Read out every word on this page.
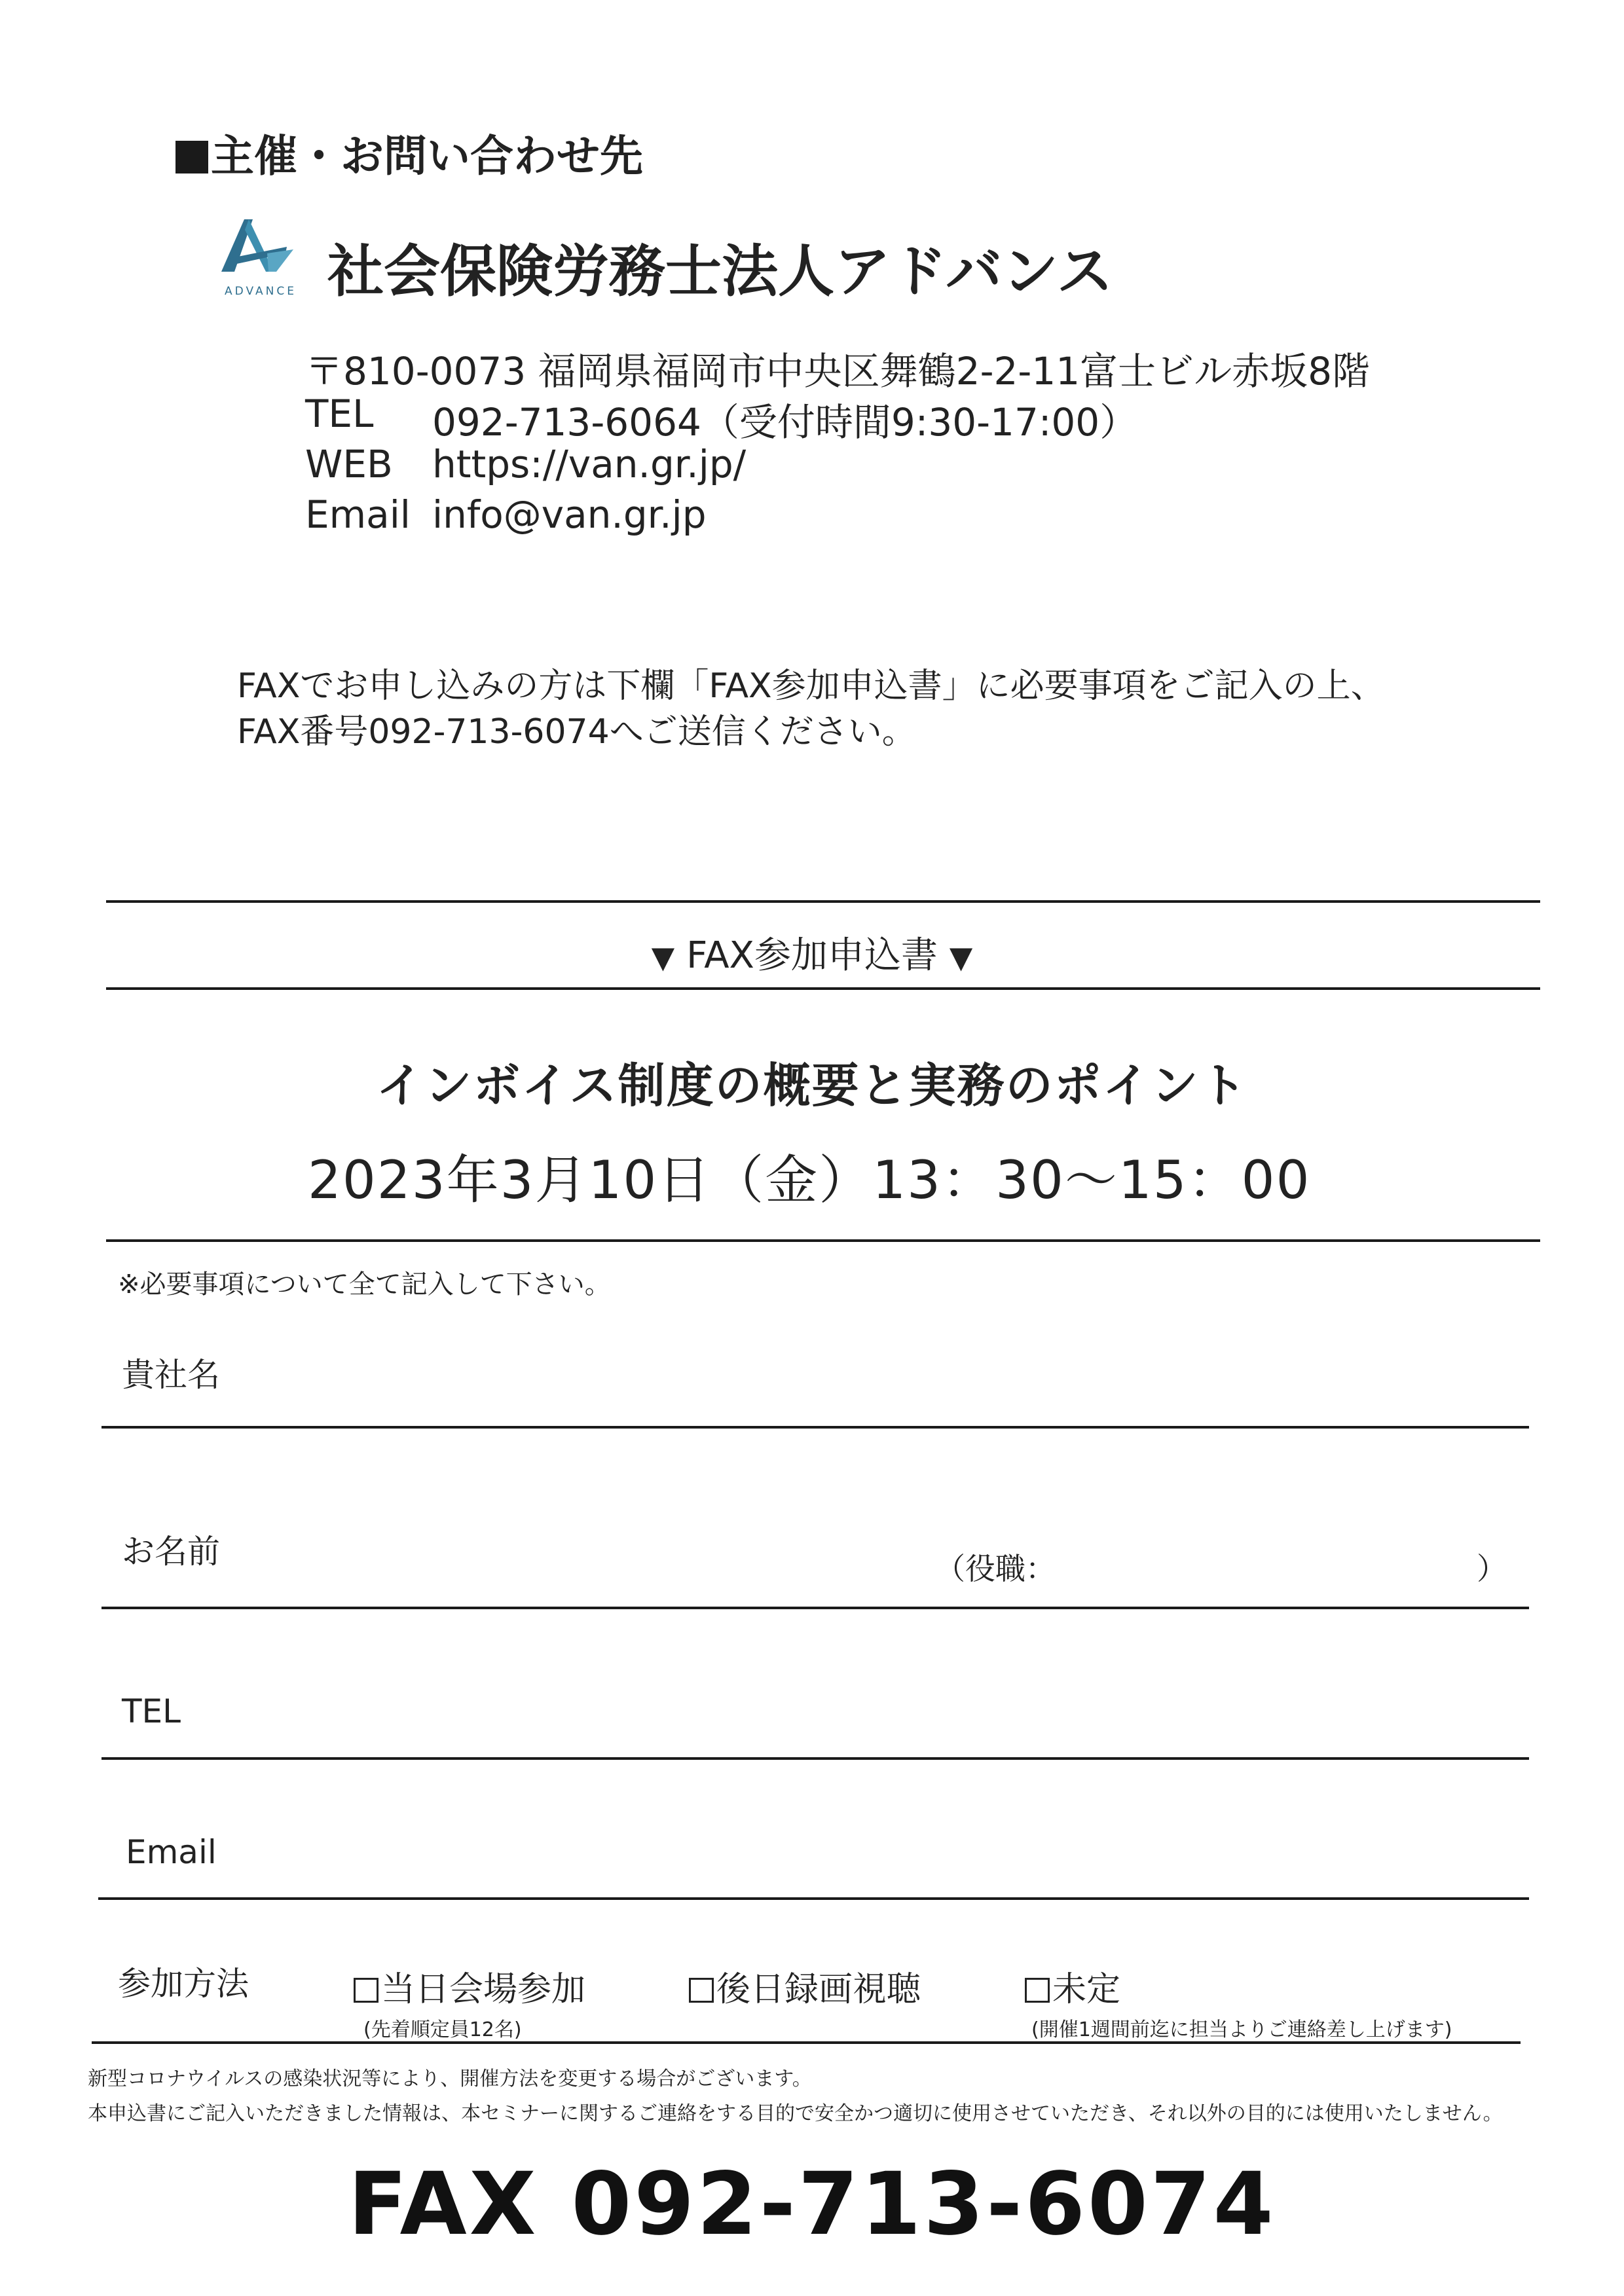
主催・お問い合わせ先
ADVANCE 社会保険労務士法人アドバンス
〒810-0073 福岡県福岡市中央区舞鶴2-2-11富士ビル赤坂8階
TEL 092-713-6064（受付時間9:30-17:00）
WEB https://van.gr.jp/
Email info@van.gr.jp
FAXでお申し込みの方は下欄「FAX参加申込書」に必要事項をご記入の上、
FAX番号092-713-6074へご送信ください。
▼ FAX参加申込書 ▼
インボイス制度の概要と実務のポイント
2023年3月10日（金）13：30〜15：00
※必要事項について全て記入して下さい。
貴社名
お名前	（役職：	）
TEL
Email
参加方法	当日会場参加
(先着順定員12名)
後日録画視聴	未定
(開催1週間前迄に担当よりご連絡差し上げます)
新型コロナウイルスの感染状況等により、開催方法を変更する場合がございます。
本申込書にご記入いただきました情報は、本セミナーに関するご連絡をする目的で安全かつ適切に使用させていただき、それ以外の目的には使用いたしません。
FAX 092-713-6074
